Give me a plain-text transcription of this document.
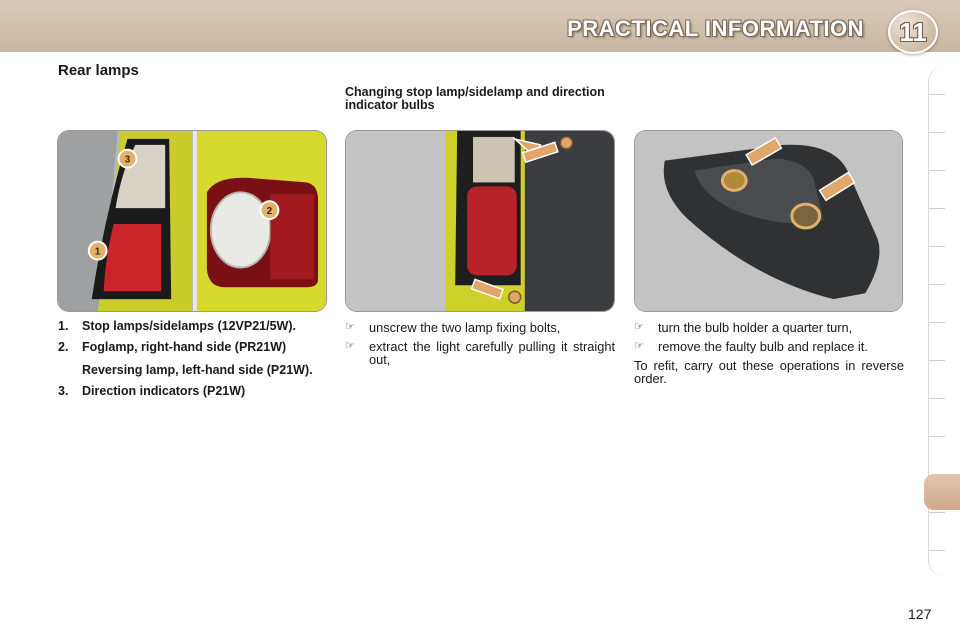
PRACTICAL INFORMATION	11
Rear lamps
Changing stop lamp/sidelamp and direction indicator bulbs
3
2
1
1.	Stop lamps/sidelamps (12VP21/5W).
2.	Foglamp, right-hand side (PR21W)
Reversing lamp, left-hand side (P21W).
3.	Direction indicators (P21W)
☞	unscrew the two lamp fixing bolts,
☞	extract the light carefully pulling it straight out,
☞	turn the bulb holder a quarter turn,
☞	remove the faulty bulb and replace it.
To refit, carry out these operations in reverse order.
127
